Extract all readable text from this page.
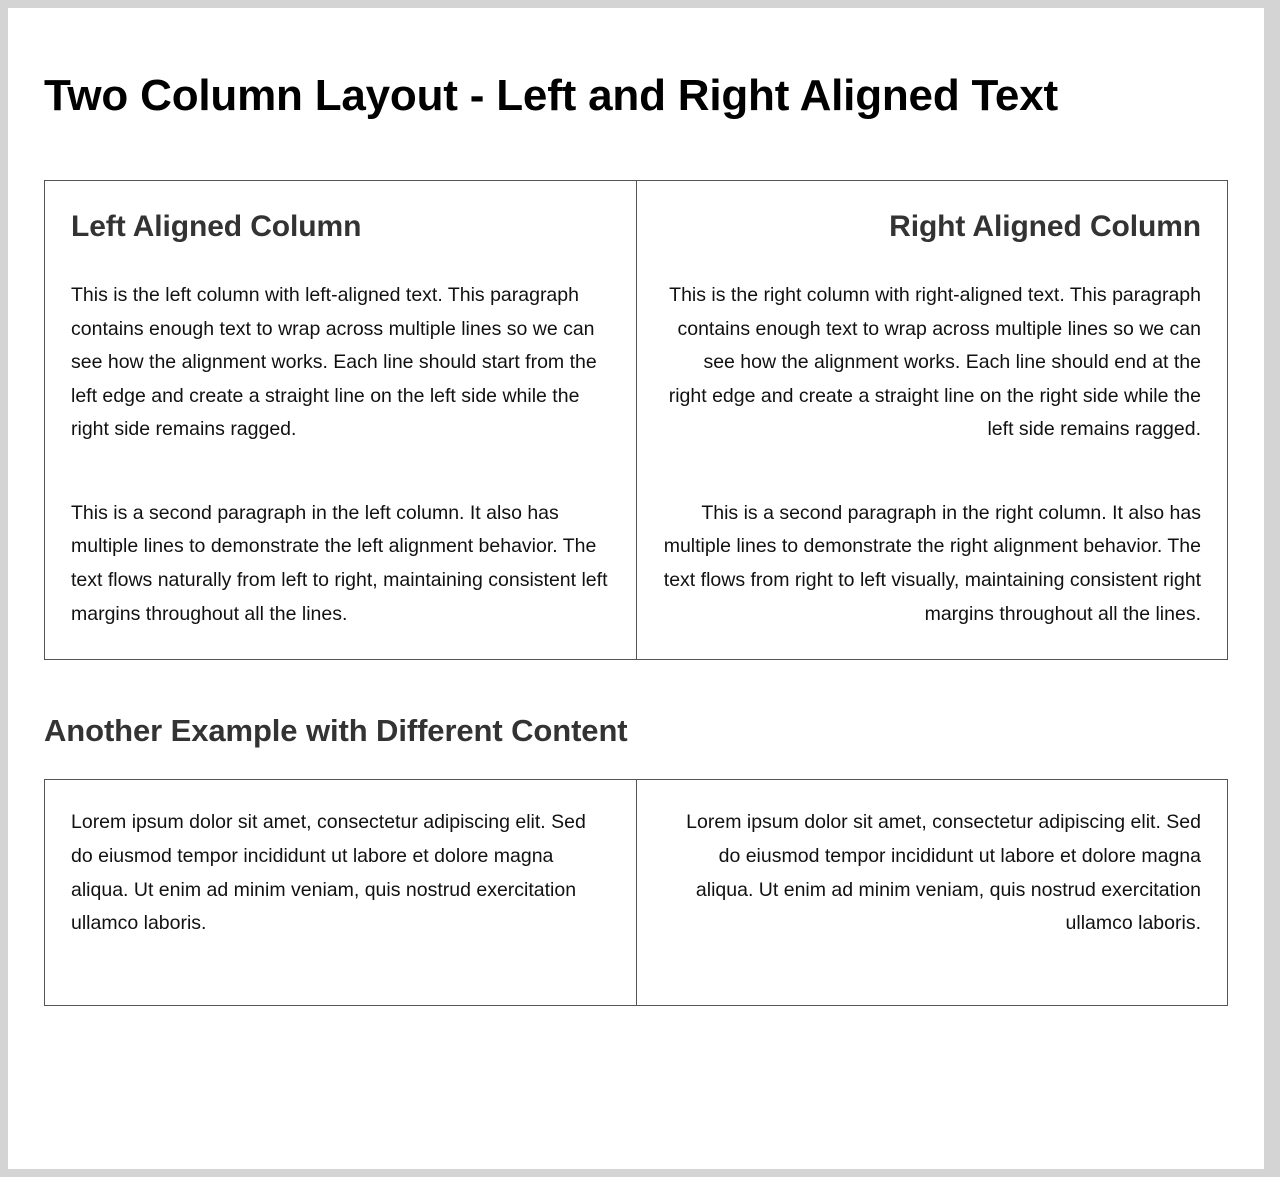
Two Column Layout - Left and Right Aligned Text
Left Aligned Column

This is the left column with left-aligned text. This paragraph contains enough text to wrap across multiple lines so we can see how the alignment works. Each line should start from the left edge and create a straight line on the left side while the right side remains ragged.

This is a second paragraph in the left column. It also has multiple lines to demonstrate the left alignment behavior. The text flows naturally from left to right, maintaining consistent left margins throughout all the lines.

Right Aligned Column

This is the right column with right-aligned text. This paragraph contains enough text to wrap across multiple lines so we can see how the alignment works. Each line should end at the right edge and create a straight line on the right side while the left side remains ragged.

This is a second paragraph in the right column. It also has multiple lines to demonstrate the right alignment behavior. The text flows from right to left visually, maintaining consistent right margins throughout all the lines.

Another Example with Different Content

Lorem ipsum dolor sit amet, consectetur adipiscing elit. Sed do eiusmod tempor incididunt ut labore et dolore magna aliqua. Ut enim ad minim veniam, quis nostrud exercitation ullamco laboris.

Lorem ipsum dolor sit amet, consectetur adipiscing elit. Sed do eiusmod tempor incididunt ut labore et dolore magna aliqua. Ut enim ad minim veniam, quis nostrud exercitation ullamco laboris.
